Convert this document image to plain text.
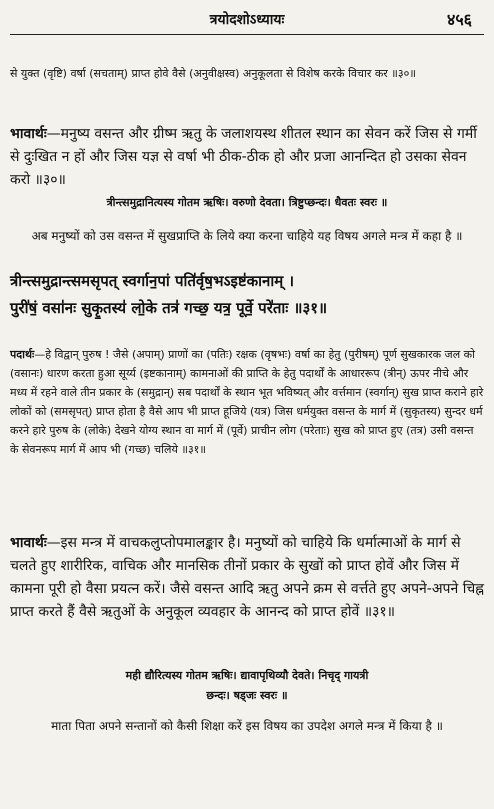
त्रयोदशोऽध्यायः	४५६

से युक्त (वृष्टि) वर्षा (सचताम्) प्राप्त होवे वैसे (अनुवीक्षस्व) अनुकूलता से विशेष करके विचार कर ॥३०॥

भावार्थः—मनुष्य वसन्त और ग्रीष्म ऋतु के जलाशयस्थ शीतल स्थान का सेवन करें जिस से गर्मी से दुःखित न हों और जिस यज्ञ से वर्षा भी ठीक-ठीक हो और प्रजा आनन्दित हो उसका सेवन करो ॥३०॥

त्रीन्त्समुद्रानित्यस्य गोतम ऋषिः। वरुणो देवता। त्रिष्टुप्छन्दः। धैवतः स्वरः ॥
अब मनुष्यों को उस वसन्त में सुखप्राप्ति के लिये क्या करना चाहिये यह विषय अगले मन्त्र में कहा है ॥

त्रीन्त्समुद्रान्त्समसृपत् स्वर्गान॒पां पति॑र्वृष॒भऽइष्ट॑कानाम् ।

पुरी॑षं॒ वसा॑नः सुकृ॒तस्य॑ लो॒के तत्र॑ गच्छ॒ यत्र॒ पूर्वे॒ परे॑ताः ॥३१॥

पदार्थः—हे विद्वान् पुरुष ! जैसे (अपाम्) प्राणों का (पतिः) रक्षक (वृषभः) वर्षा का हेतु (पुरीषम्) पूर्ण सुखकारक जल को (वसानः) धारण करता हुआ सूर्य्य (इष्टकानाम्) कामनाओं की प्राप्ति के हेतु पदार्थों के आधाररूप (त्रीन्) ऊपर नीचे और मध्य में रहने वाले तीन प्रकार के (समुद्रान्) सब पदार्थों के स्थान भूत भविष्यत् और वर्त्तमान (स्वर्गान्) सुख प्राप्त कराने हारे लोकों को (समसृपत्) प्राप्त होता है वैसे आप भी प्राप्त हूजिये (यत्र) जिस धर्मयुक्त वसन्त के मार्ग में (सुकृतस्य) सुन्दर धर्म करने हारे पुरुष के (लोके) देखने योग्य स्थान वा मार्ग में (पूर्वे) प्राचीन लोग (परेताः) सुख को प्राप्त हुए (तत्र) उसी वसन्त के सेवनरूप मार्ग में आप भी (गच्छ) चलिये ॥३१॥

भावार्थः—इस मन्त्र में वाचकलुप्तोपमालङ्कार है। मनुष्यों को चाहिये कि धर्मात्माओं के मार्ग से चलते हुए शारीरिक, वाचिक और मानसिक तीनों प्रकार के सुखों को प्राप्त होवें और जिस में कामना पूरी हो वैसा प्रयत्न करें। जैसे वसन्त आदि ऋतु अपने क्रम से वर्त्तते हुए अपने-अपने चिह्न प्राप्त करते हैं वैसे ऋतुओं के अनुकूल व्यवहार के आनन्द को प्राप्त होवें ॥३१॥

मही द्यौरित्यस्य गोतम ऋषिः। द्यावापृथिव्यौ देवते। निचृद् गायत्री

छन्दः। षड्जः स्वरः ॥

माता पिता अपने सन्तानों को कैसी शिक्षा करें इस विषय का उपदेश अगले मन्त्र में किया है ॥
